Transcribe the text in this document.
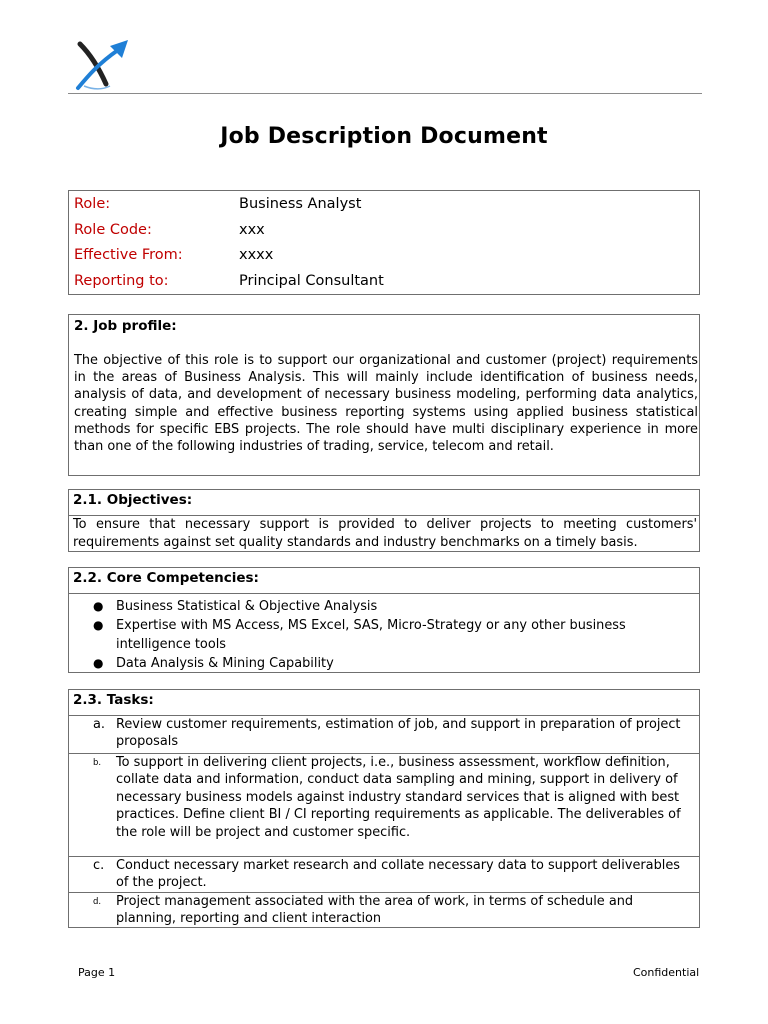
Job Description Document
Role:	Business Analyst
Role Code:	xxx
Effective From:	xxxx
Reporting to:	Principal Consultant
2. Job profile:
The objective of this role is to support our organizational and customer (project) requirements in the areas of Business Analysis. This will mainly include identification of business needs, analysis of data, and development of necessary business modeling, performing data analytics, creating simple and effective business reporting systems using applied business statistical methods for specific EBS projects. The role should have multi disciplinary experience in more than one of the following industries of trading, service, telecom and retail.
2.1. Objectives:
To ensure that necessary support is provided to deliver projects to meeting customers' requirements against set quality standards and industry benchmarks on a timely basis.
2.2. Core Competencies:
● Business Statistical & Objective Analysis
● Expertise with MS Access, MS Excel, SAS, Micro-Strategy or any other business intelligence tools
● Data Analysis & Mining Capability
2.3. Tasks:
a. Review customer requirements, estimation of job, and support in preparation of project proposals
b. To support in delivering client projects, i.e., business assessment, workflow definition, collate data and information, conduct data sampling and mining, support in delivery of necessary business models against industry standard services that is aligned with best practices. Define client BI / CI reporting requirements as applicable. The deliverables of the role will be project and customer specific.
c. Conduct necessary market research and collate necessary data to support deliverables of the project.
d. Project management associated with the area of work, in terms of schedule and planning, reporting and client interaction
Page 1	Confidential
